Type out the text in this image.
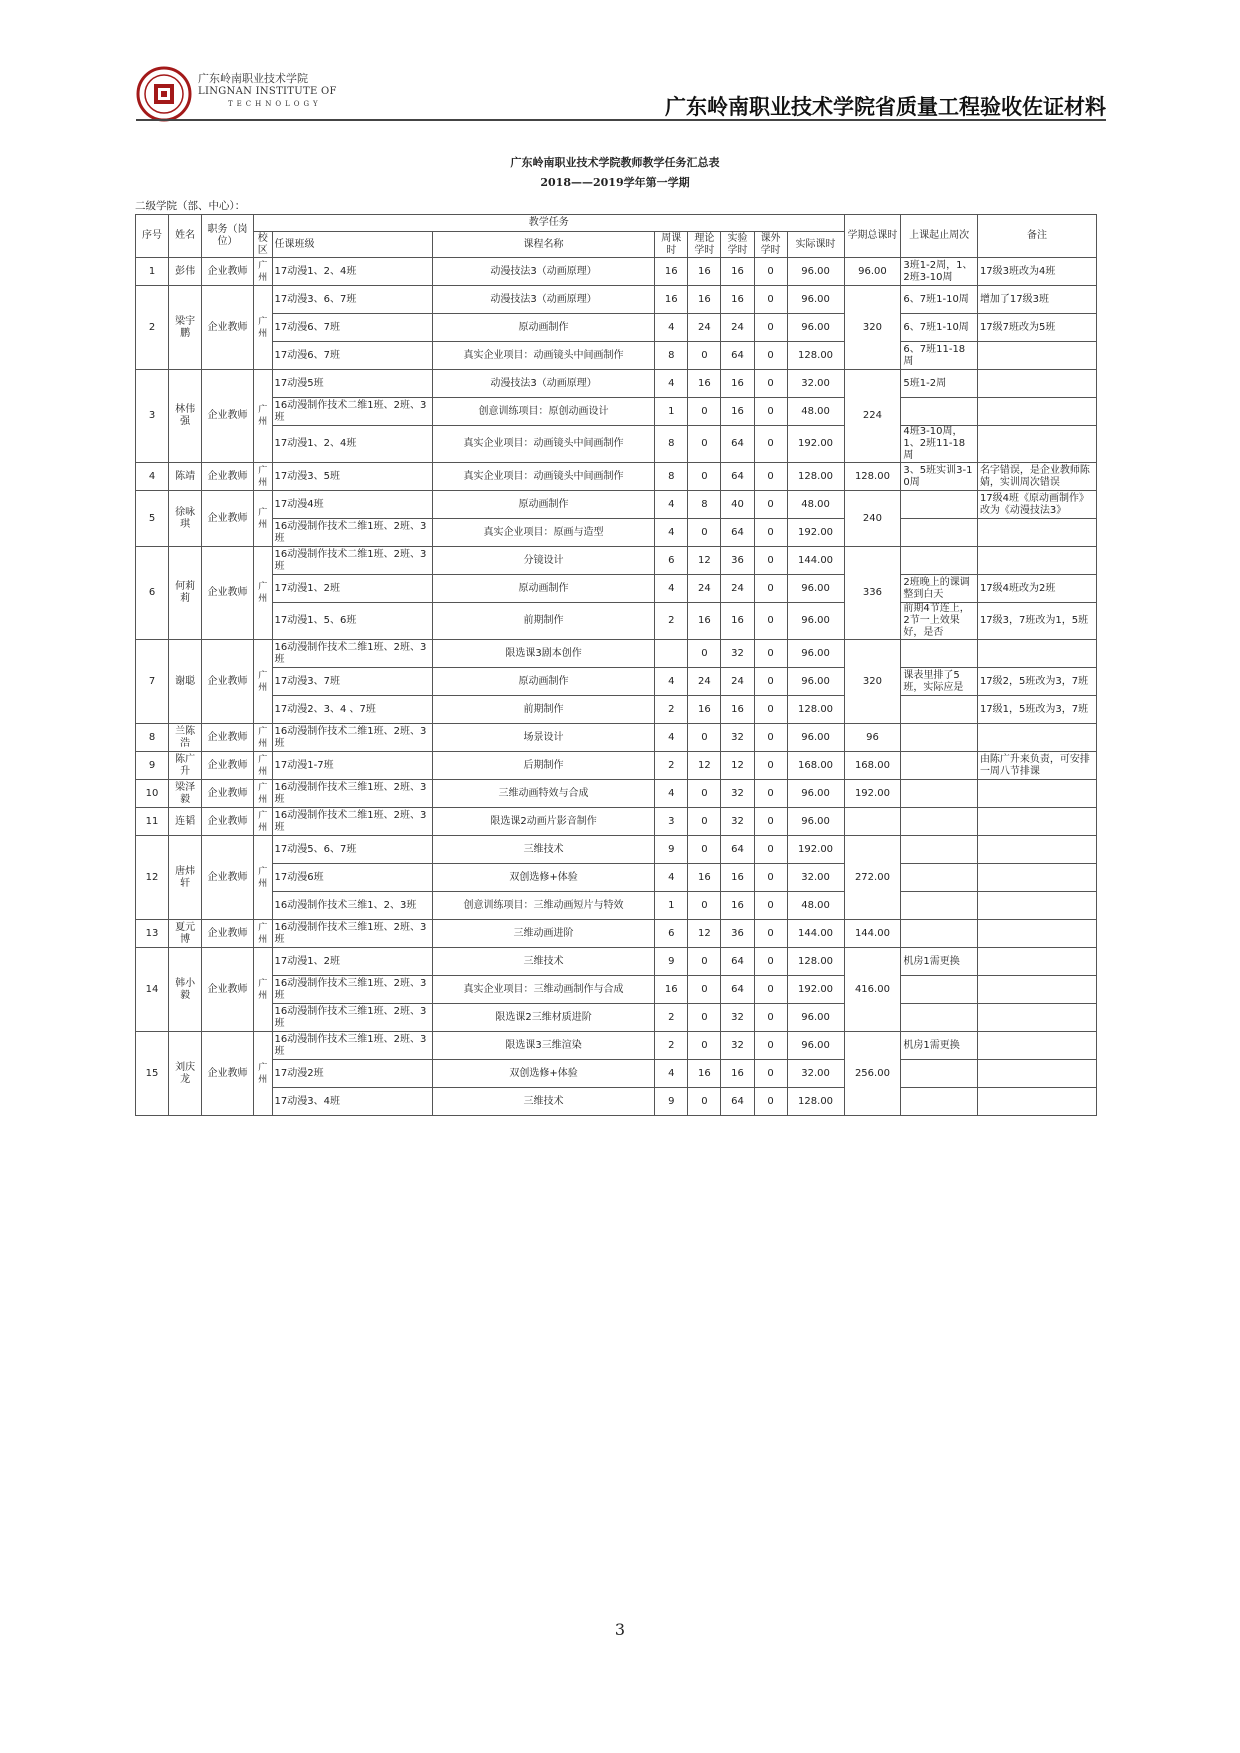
广东岭南职业技术学院
LINGNAN INSTITUTE OF
TECHNOLOGY	广东岭南职业技术学院省质量工程验收佐证材料
广东岭南职业技术学院教师教学任务汇总表
2018——2019学年第一学期
二级学院（部、中心）：
序号	姓名	职务（岗位）	教学任务								学期总课时	上课起止周次	备注
			校区	任课班级	课程名称	周课时	理论学时	实验学时	课外学时	实际课时			
1	彭伟	企业教师	广州	17动漫1、2、4班	动漫技法3（动画原理）	16	16	16	0	96.00	96.00	3班1-2周，1、2班3-10周	17级3班改为4班
2	梁宇鹏	企业教师	广州	17动漫3、6、7班	动漫技法3（动画原理）	16	16	16	0	96.00	320	6、7班1-10周	增加了17级3班
				17动漫6、7班	原动画制作	4	24	24	0	96.00		6、7班1-10周	17级7班改为5班
				17动漫6、7班	真实企业项目：动画镜头中间画制作	8	0	64	0	128.00		6、7班11-18周	
3	林伟强	企业教师	广州	17动漫5班	动漫技法3（动画原理）	4	16	16	0	32.00	224	5班1-2周	
				16动漫制作技术二维1班、2班、3班	创意训练项目：原创动画设计	1	0	16	0	48.00			
				17动漫1、2、4班	真实企业项目：动画镜头中间画制作	8	0	64	0	192.00		4班3-10周，1、2班11-18周	
4	陈靖	企业教师	广州	17动漫3、5班	真实企业项目：动画镜头中间画制作	8	0	64	0	128.00	128.00	3、5班实训3-10周	名字错误，是企业教师陈婧，实训周次错误
5	徐咏琪	企业教师	广州	17动漫4班	原动画制作	4	8	40	0	48.00	240		17级4班《原动画制作》改为《动漫技法3》
				16动漫制作技术二维1班、2班、3班	真实企业项目：原画与造型	4	0	64	0	192.00			
6	何莉莉	企业教师	广州	16动漫制作技术二维1班、2班、3班	分镜设计	6	12	36	0	144.00	336		
				17动漫1、2班	原动画制作	4	24	24	0	96.00		2班晚上的课调整到白天	17级4班改为2班
				17动漫1、5、6班	前期制作	2	16	16	0	96.00		前期4节连上，2节一上效果好，是否	17级3，7班改为1，5班
7	谢聪	企业教师	广州	16动漫制作技术二维1班、2班、3班	限选课3剧本创作		0	32	0	96.00	320		
				17动漫3、7班	原动画制作	4	24	24	0	96.00		课表里排了5班，实际应是	17级2，5班改为3，7班
				17动漫2、3、4 、7班	前期制作	2	16	16	0	128.00			17级1，5班改为3，7班
8	兰陈浩	企业教师	广州	16动漫制作技术二维1班、2班、3班	场景设计	4	0	32	0	96.00	96		
9	陈广升	企业教师	广州	17动漫1-7班	后期制作	2	12	12	0	168.00	168.00		由陈广升来负责，可安排一周八节排课
10	梁泽毅	企业教师	广州	16动漫制作技术三维1班、2班、3班	三维动画特效与合成	4	0	32	0	96.00	192.00		
11	连韬	企业教师	广州	16动漫制作技术二维1班、2班、3班	限选课2动画片影音制作	3	0	32	0	96.00			
12	唐炜轩	企业教师	广州	17动漫5、6、7班	三维技术	9	0	64	0	192.00	272.00		
				17动漫6班	双创选修+体验	4	16	16	0	32.00			
				16动漫制作技术三维1、2、3班	创意训练项目：三维动画短片与特效	1	0	16	0	48.00			
13	夏元博	企业教师	广州	16动漫制作技术三维1班、2班、3班	三维动画进阶	6	12	36	0	144.00	144.00		
14	韩小毅	企业教师	广州	17动漫1、2班	三维技术	9	0	64	0	128.00	416.00	机房1需更换	
				16动漫制作技术三维1班、2班、3班	真实企业项目：三维动画制作与合成	16	0	64	0	192.00			
				16动漫制作技术三维1班、2班、3班	限选课2三维材质进阶	2	0	32	0	96.00			
15	刘庆龙	企业教师	广州	16动漫制作技术三维1班、2班、3班	限选课3三维渲染	2	0	32	0	96.00	256.00	机房1需更换	
				17动漫2班	双创选修+体验	4	16	16	0	32.00			
				17动漫3、4班	三维技术	9	0	64	0	128.00			
3
